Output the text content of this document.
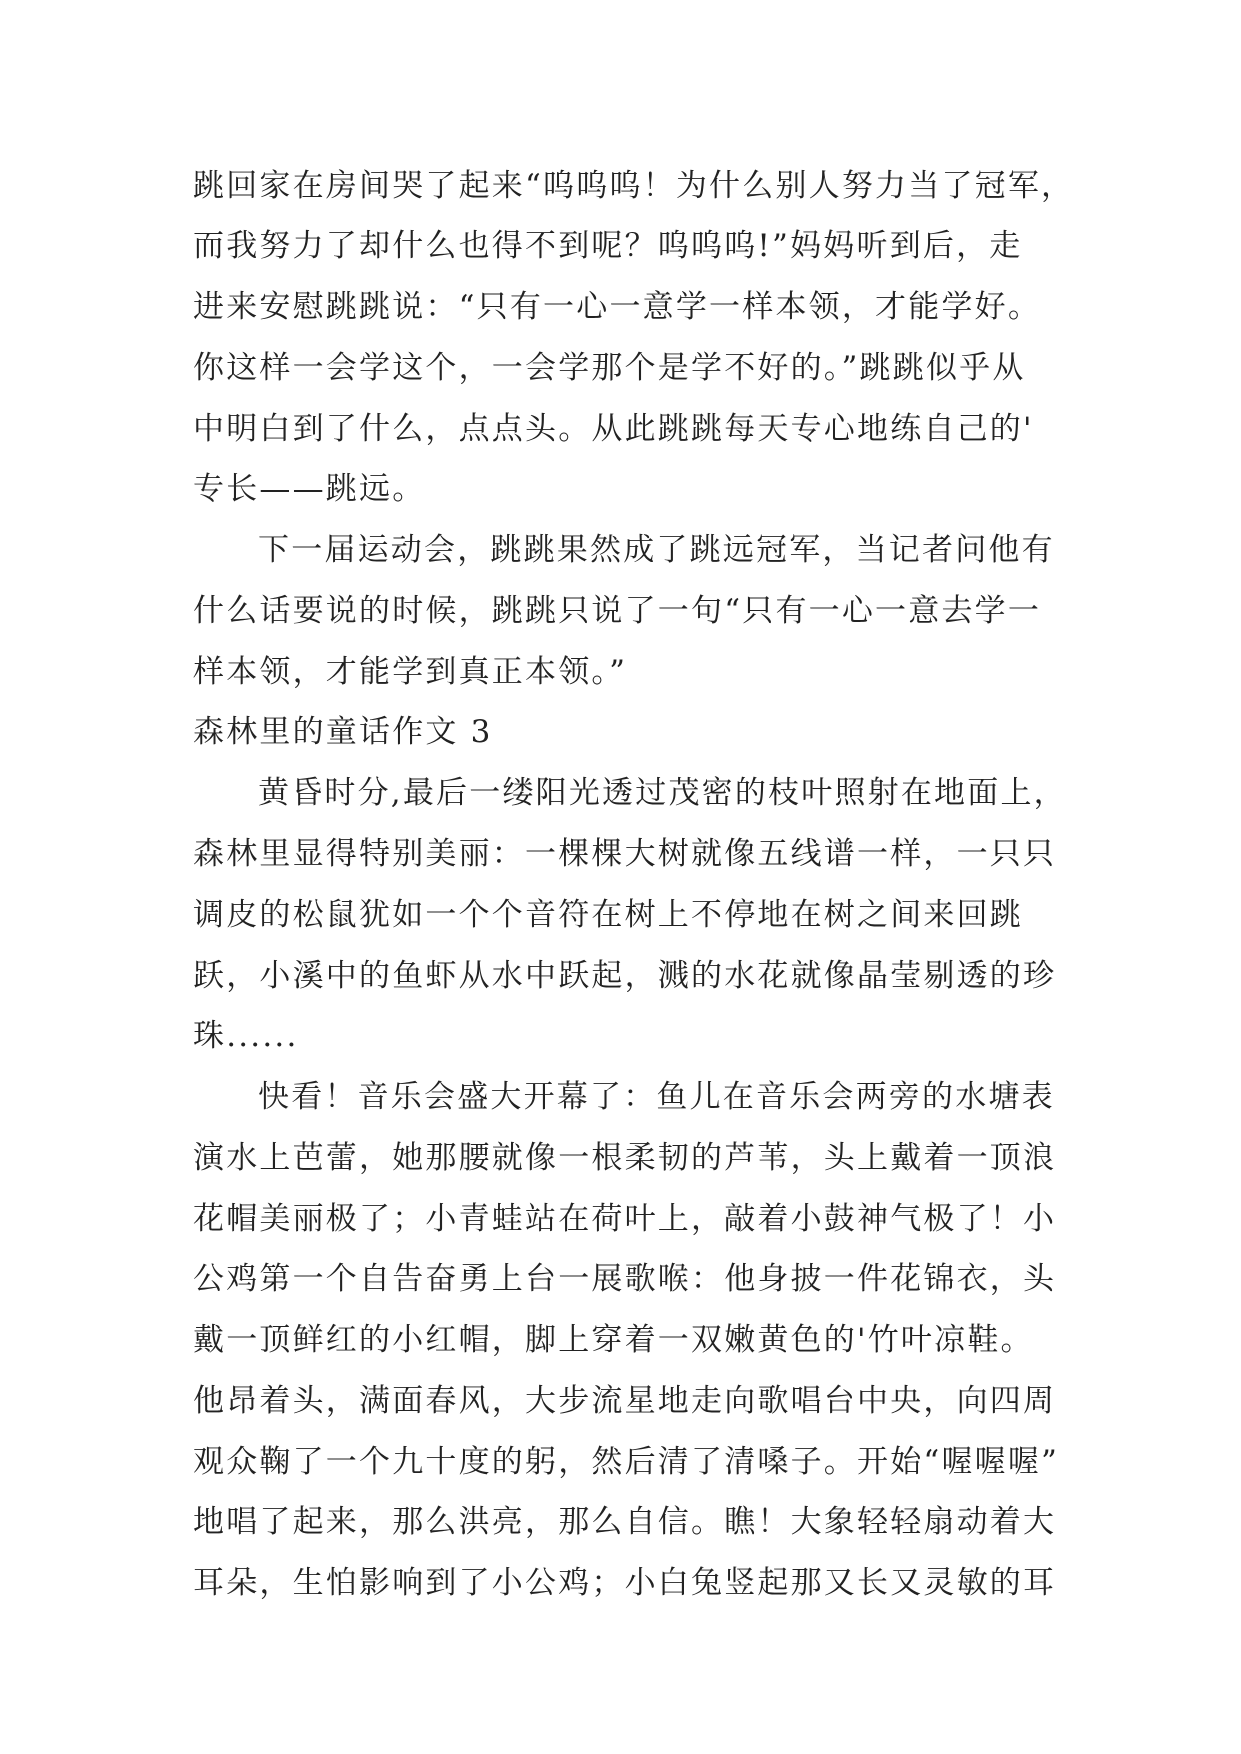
跳回家在房间哭了起来“呜呜呜！为什么别人努力当了冠军，
而我努力了却什么也得不到呢？呜呜呜!”妈妈听到后，走
进来安慰跳跳说：“只有一心一意学一样本领，才能学好。
你这样一会学这个，一会学那个是学不好的。”跳跳似乎从
中明白到了什么，点点头。从此跳跳每天专心地练自己的'
专长——跳远。
下一届运动会，跳跳果然成了跳远冠军，当记者问他有
什么话要说的时候，跳跳只说了一句“只有一心一意去学一
样本领，才能学到真正本领。”
森林里的童话作文 3
黄昏时分,最后一缕阳光透过茂密的枝叶照射在地面上，
森林里显得特别美丽：一棵棵大树就像五线谱一样，一只只
调皮的松鼠犹如一个个音符在树上不停地在树之间来回跳
跃，小溪中的鱼虾从水中跃起，溅的水花就像晶莹剔透的珍
珠......
快看！音乐会盛大开幕了：鱼儿在音乐会两旁的水塘表
演水上芭蕾，她那腰就像一根柔韧的芦苇，头上戴着一顶浪
花帽美丽极了；小青蛙站在荷叶上，敲着小鼓神气极了！小
公鸡第一个自告奋勇上台一展歌喉：他身披一件花锦衣，头
戴一顶鲜红的小红帽，脚上穿着一双嫩黄色的'竹叶凉鞋。
他昂着头，满面春风，大步流星地走向歌唱台中央，向四周
观众鞠了一个九十度的躬，然后清了清嗓子。开始“喔喔喔”
地唱了起来，那么洪亮，那么自信。瞧！大象轻轻扇动着大
耳朵，生怕影响到了小公鸡；小白兔竖起那又长又灵敏的耳
